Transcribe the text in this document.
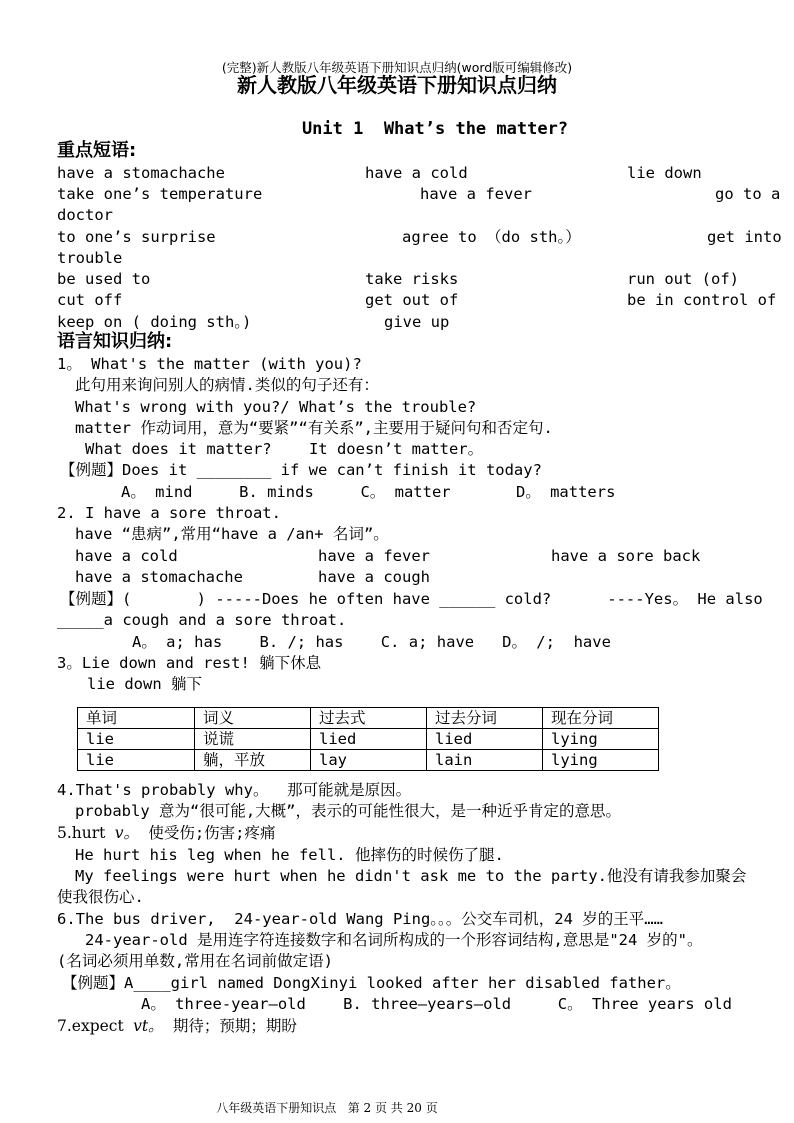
(完整)新人教版八年级英语下册知识点归纳(word版可编辑修改)
新人教版八年级英语下册知识点归纳
Unit 1  What’s the matter?
重点短语:
have a stomachache	have a cold	lie down
take one’s temperature	have a fever	go to a
doctor
to one’s surprise	agree to （do sth。）	get into
trouble
be used to	take risks	run out (of)
cut off	get out of	be in control of
keep on ( doing sth。)	give up
语言知识归纳:
1。 What's the matter (with you)?
此句用来询问别人的病情.类似的句子还有：
What's wrong with you?/ What’s the trouble?
matter 作动词用，意为“要紧”“有关系”,主要用于疑问句和否定句.
What does it matter?    It doesn’t matter。
【例题】Does it ________ if we can’t finish it today?
A。 mind     B. minds     C。 matter       D。 matters
2. I have a sore throat.
have “患病”,常用“have a /an+ 名词”。
have a cold	have a fever	have a sore back
have a stomachache	have a cough
【例题】(       ) -----Does he often have ______ cold?      ----Yes。 He also
_____a cough and a sore throat.
A。 a; has    B. /; has    C. a; have   D。 /;  have
3。Lie down and rest! 躺下休息
lie down 躺下
单词	词义	过去式	过去分词	现在分词
lie	说谎	lied	lied	lying
lie	躺，平放	lay	lain	lying
4.That's probably why。  那可能就是原因。
probably 意为“很可能,大概”，表示的可能性很大，是一种近乎肯定的意思。
5.hurt v。 使受伤;伤害;疼痛
He hurt his leg when he fell. 他摔伤的时候伤了腿.
My feelings were hurt when he didn't ask me to the party.他没有请我参加聚会
使我很伤心.
6.The bus driver,  24-year-old Wang Ping。。。公交车司机，24 岁的王平……
24-year-old 是用连字符连接数字和名词所构成的一个形容词结构,意思是"24 岁的"。
(名词必须用单数,常用在名词前做定语)
【例题】A____girl named DongXinyi looked after her disabled father。
A。 three-year—old    B. three—years—old     C。 Three years old
7.expect vt。 期待；预期；期盼
八年级英语下册知识点   第 2 页 共 20 页
